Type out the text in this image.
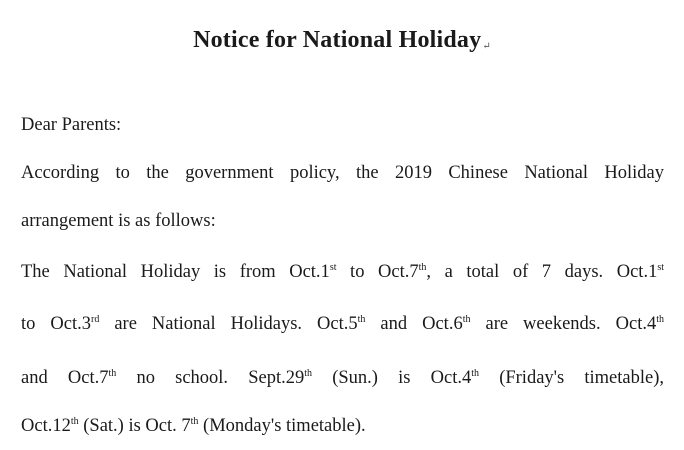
Notice for National Holiday↵
Dear Parents:
According to the government policy, the 2019 Chinese National Holiday
arrangement is as follows:
The National Holiday is from Oct.1st to Oct.7th, a total of 7 days. Oct.1st
to Oct.3rd are National Holidays. Oct.5th and Oct.6th are weekends. Oct.4th
and Oct.7th no school. Sept.29th (Sun.) is Oct.4th (Friday's timetable),
Oct.12th (Sat.) is Oct. 7th (Monday's timetable).
